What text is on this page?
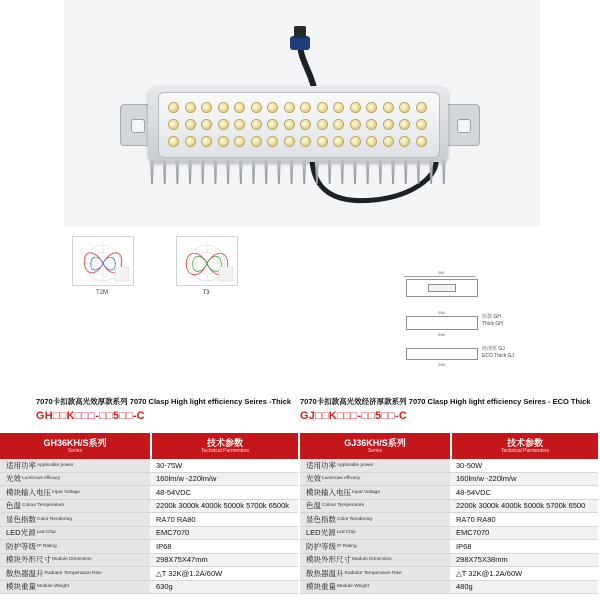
T2M	T3
281
298
236
厚款 GH
Thick GH
298
经济厚 GJ
ECO Thick GJ
7070卡扣款高光效厚款系列 7070 Clasp High light efficiency Seires -Thick
GH□□K□□□-□□5□□-C
7070卡扣款高光效经济厚款系列 7070 Clasp High light efficiency Seires - ECO Thick
GJ□□K□□□-□□5□□-C
GH36KH/S系列
Series
技术参数
Technical Parmenters
适用功率 Applicable power	30-75W
光效 Luminous efficacy	160lm/w -220lm/w
模块输入电压 Input Voltage	48-54VDC
色温 Colour Temperature	2200k 3000k 4000k 5000k 5700k 6500k
显色指数 Color Rendering	RA70 RA80
LED光源 Led Chip	EMC7070
防护等级 IP Rating	IP68
模块外形尺寸 Module Dimension	298X75X47mm
散热器温升 Radiator Temperature Rise	△T 32K@1.2A/60W
模块重量 Module Weight	630g
GJ36KH/S系列
Series
技术参数
Technical Parmenters
适用功率 Applicable power	30-50W
光效 Luminous efficacy	160lm/w -220lm/w
模块输入电压 Input Voltage	48-54VDC
色温 Colour Temperature	2200k 3000k 4000k 5000k 5700k 6500
显色指数 Color Rendering	RA70 RA80
LED光源 Led Chip	EMC7070
防护等级 IP Rating	IP68
模块外形尺寸 Module Dimension	298X75X38mm
散热器温升 Radiator Temperature Rise	△T 32K@1.2A/60W
模块重量 Module Weight	480g
